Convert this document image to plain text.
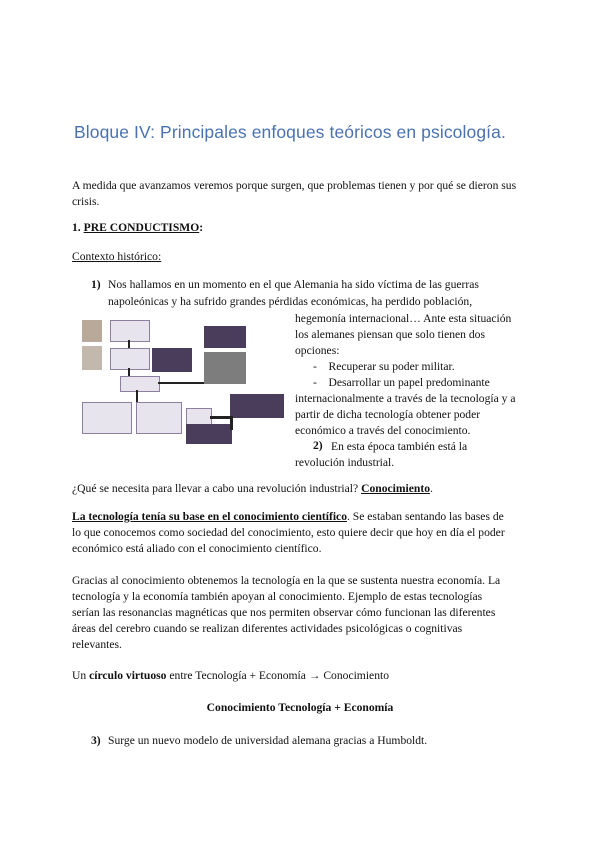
Bloque IV: Principales enfoques teóricos en psicología.
A medida que avanzamos veremos porque surgen, que problemas tienen y por qué se dieron sus crisis.
1. PRE CONDUCTISMO:
Contexto histórico:
1) Nos hallamos en un momento en el que Alemania ha sido víctima de las guerras
napoleónicas y ha sufrido grandes pérdidas económicas, ha perdido población,
hegemonía internacional… Ante esta situación
los alemanes piensan que solo tienen dos
opciones:
-    Recuperar su poder militar.
-    Desarrollar un papel predominante
internacionalmente a través de la tecnología y a
partir de dicha tecnología obtener poder
económico a través del conocimiento.
2) En esta época también está la
revolución industrial.
¿Qué se necesita para llevar a cabo una revolución industrial? Conocimiento.
La tecnología tenía su base en el conocimiento científico. Se estaban sentando las bases de
lo que conocemos como sociedad del conocimiento, esto quiere decir que hoy en día el poder
económico está aliado con el conocimiento científico.
Gracias al conocimiento obtenemos la tecnología en la que se sustenta nuestra economía. La
tecnología y la economía también apoyan al conocimiento. Ejemplo de estas tecnologías
serían las resonancias magnéticas que nos permiten observar cómo funcionan las diferentes
áreas del cerebro cuando se realizan diferentes actividades psicológicas o cognitivas
relevantes.
Un círculo virtuoso entre Tecnología + Economía → Conocimiento
Conocimiento Tecnología + Economía
3) Surge un nuevo modelo de universidad alemana gracias a Humboldt.
